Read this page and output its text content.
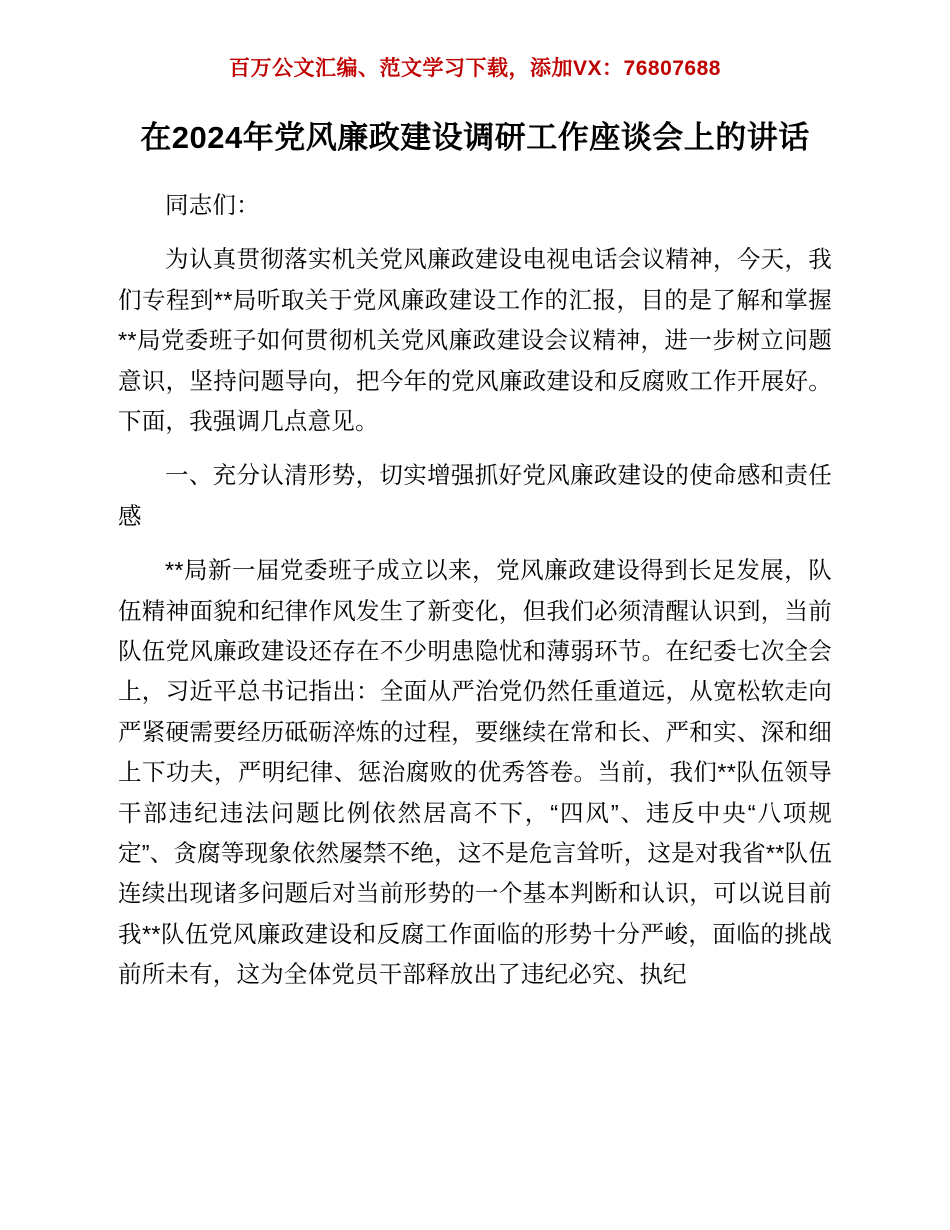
百万公文汇编、范文学习下载，添加VX：76807688
在2024年党风廉政建设调研工作座谈会上的讲话

同志们：

为认真贯彻落实机关党风廉政建设电视电话会议精神，今天，我们专程到**局听取关于党风廉政建设工作的汇报，目的是了解和掌握**局党委班子如何贯彻机关党风廉政建设会议精神，进一步树立问题意识，坚持问题导向，把今年的党风廉政建设和反腐败工作开展好。下面，我强调几点意见。

一、充分认清形势，切实增强抓好党风廉政建设的使命感和责任感

**局新一届党委班子成立以来，党风廉政建设得到长足发展，队伍精神面貌和纪律作风发生了新变化，但我们必须清醒认识到，当前队伍党风廉政建设还存在不少明患隐忧和薄弱环节。在纪委七次全会上，习近平总书记指出：全面从严治党仍然任重道远，从宽松软走向严紧硬需要经历砥砺淬炼的过程，要继续在常和长、严和实、深和细上下功夫，严明纪律、惩治腐败的优秀答卷。当前，我们**队伍领导干部违纪违法问题比例依然居高不下，“四风”、违反中央“八项规定”、贪腐等现象依然屡禁不绝，这不是危言耸听，这是对我省**队伍连续出现诸多问题后对当前形势的一个基本判断和认识，可以说目前我**队伍党风廉政建设和反腐工作面临的形势十分严峻，面临的挑战前所未有，这为全体党员干部释放出了违纪必究、执纪
